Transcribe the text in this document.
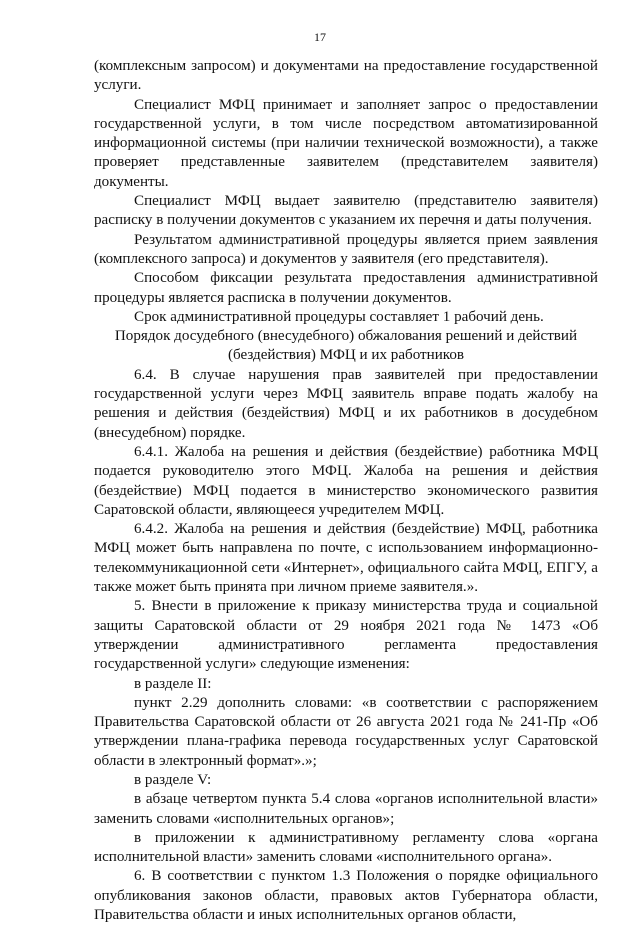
17

(комплексным запросом) и документами на предоставление государственной услуги.

Специалист МФЦ принимает и заполняет запрос о предоставлении государственной услуги, в том числе посредством автоматизированной информационной системы (при наличии технической возможности), а также проверяет представленные заявителем (представителем заявителя) документы.

Специалист МФЦ выдает заявителю (представителю заявителя) расписку в получении документов с указанием их перечня и даты получения.

Результатом административной процедуры является прием заявления (комплексного запроса) и документов у заявителя (его представителя).

Способом фиксации результата предоставления административной процедуры является расписка в получении документов.

Срок административной процедуры составляет 1 рабочий день.

Порядок досудебного (внесудебного) обжалования решений и действий (бездействия) МФЦ и их работников

6.4. В случае нарушения прав заявителей при предоставлении государственной услуги через МФЦ заявитель вправе подать жалобу на решения и действия (бездействия) МФЦ и их работников в досудебном (внесудебном) порядке.

6.4.1. Жалоба на решения и действия (бездействие) работника МФЦ подается руководителю этого МФЦ. Жалоба на решения и действия (бездействие) МФЦ подается в министерство экономического развития Саратовской области, являющееся учредителем МФЦ.

6.4.2. Жалоба на решения и действия (бездействие) МФЦ, работника МФЦ может быть направлена по почте, с использованием информационно-телекоммуникационной сети «Интернет», официального сайта МФЦ, ЕПГУ, а также может быть принята при личном приеме заявителя.».

5. Внести в приложение к приказу министерства труда и социальной защиты Саратовской области от 29 ноября 2021 года № 1473 «Об утверждении административного регламента предоставления государственной услуги» следующие изменения:

в разделе II:

пункт 2.29 дополнить словами: «в соответствии с распоряжением Правительства Саратовской области от 26 августа 2021 года № 241-Пр «Об утверждении плана-графика перевода государственных услуг Саратовской области в электронный формат».»;

в разделе V:

в абзаце четвертом пункта 5.4 слова «органов исполнительной власти» заменить словами «исполнительных органов»;

в приложении к административному регламенту слова «органа исполнительной власти» заменить словами «исполнительного органа».

6. В соответствии с пунктом 1.3 Положения о порядке официального опубликования законов области, правовых актов Губернатора области, Правительства области и иных исполнительных органов области,
